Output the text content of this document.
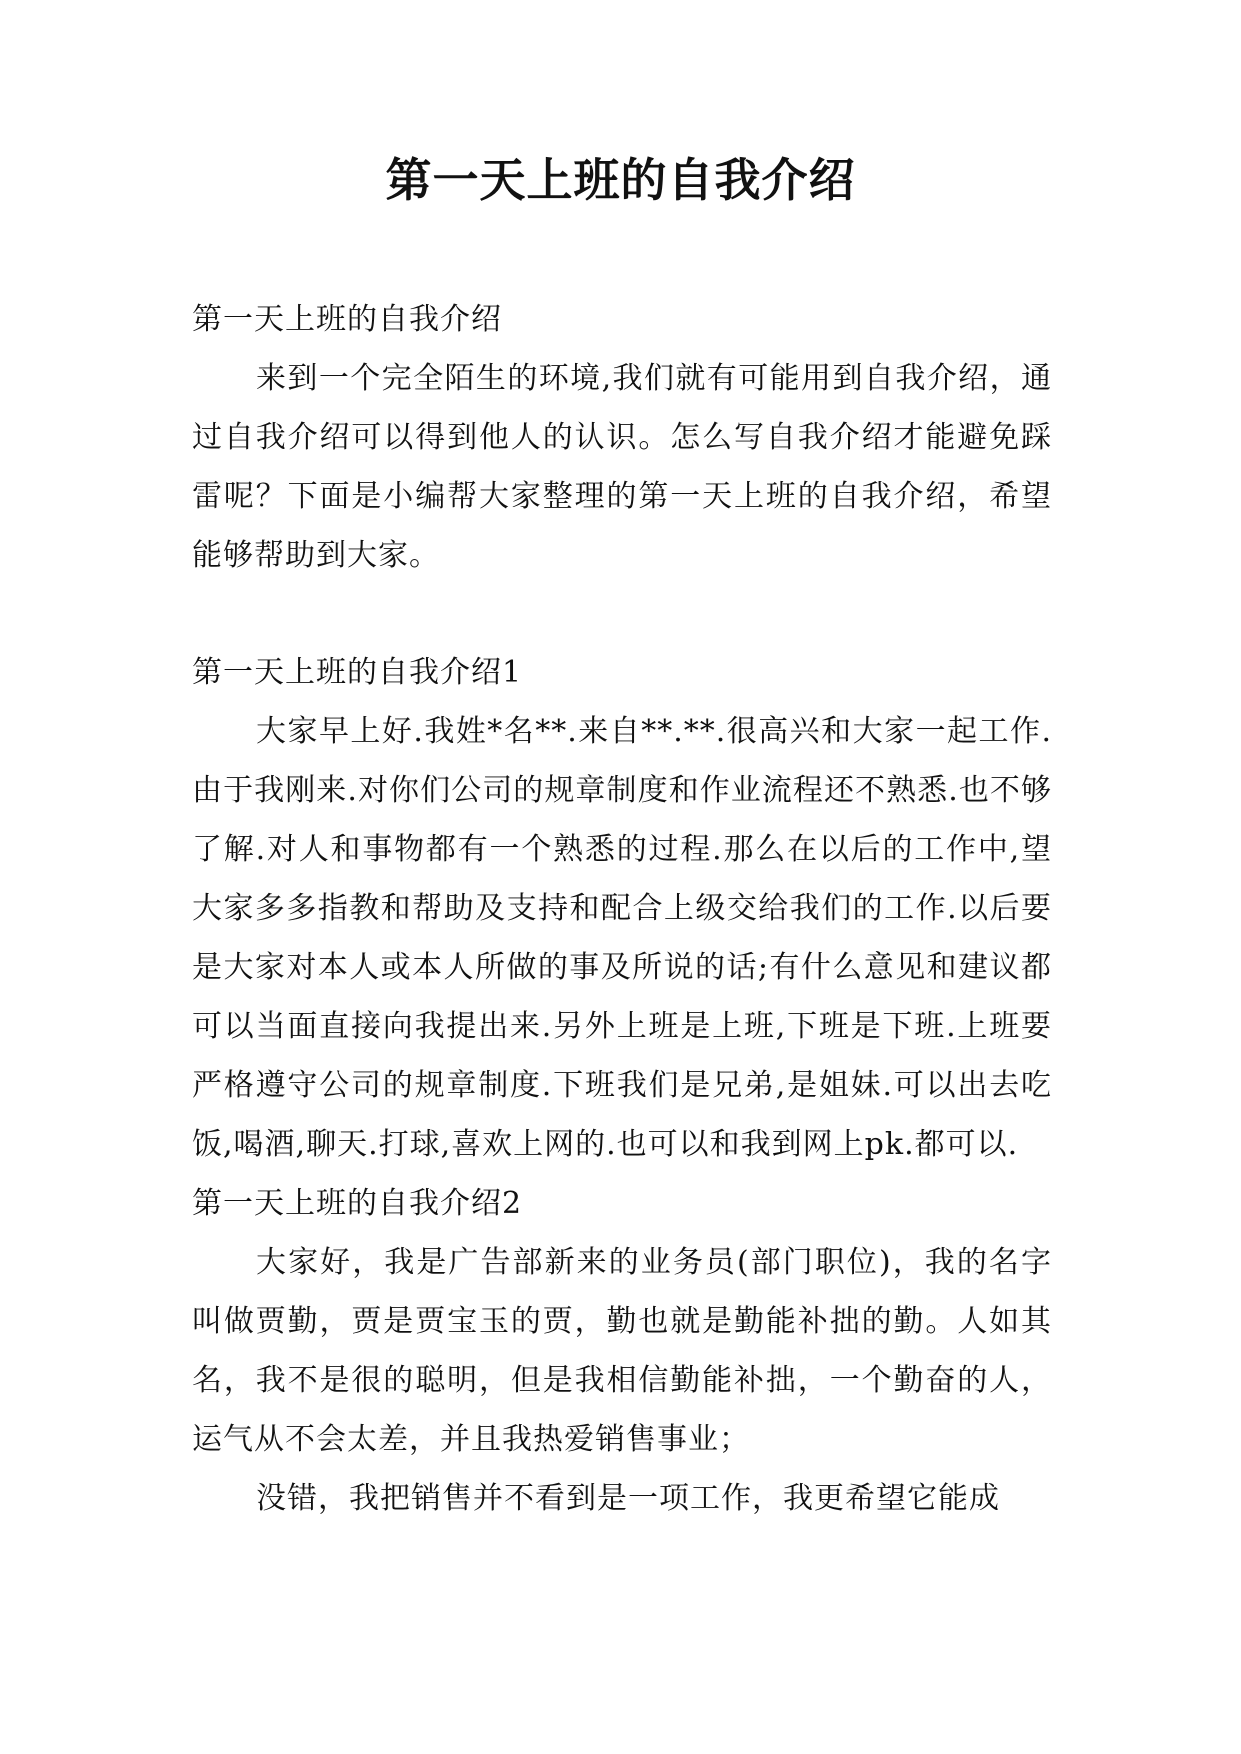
第一天上班的自我介绍

第一天上班的自我介绍

来到一个完全陌生的环境,我们就有可能用到自我介绍，通过自我介绍可以得到他人的认识。怎么写自我介绍才能避免踩雷呢？下面是小编帮大家整理的第一天上班的自我介绍，希望能够帮助到大家。

第一天上班的自我介绍1

大家早上好.我姓*名**.来自**.**.很高兴和大家一起工作.由于我刚来.对你们公司的规章制度和作业流程还不熟悉.也不够了解.对人和事物都有一个熟悉的过程.那么在以后的工作中,望大家多多指教和帮助及支持和配合上级交给我们的工作.以后要是大家对本人或本人所做的事及所说的话;有什么意见和建议都可以当面直接向我提出来.另外上班是上班,下班是下班.上班要严格遵守公司的规章制度.下班我们是兄弟,是姐妹.可以出去吃饭,喝酒,聊天.打球,喜欢上网的.也可以和我到网上pk.都可以.

第一天上班的自我介绍2

大家好，我是广告部新来的业务员(部门职位)，我的名字叫做贾勤，贾是贾宝玉的贾，勤也就是勤能补拙的勤。人如其名，我不是很的聪明，但是我相信勤能补拙，一个勤奋的人，运气从不会太差，并且我热爱销售事业；

没错，我把销售并不看到是一项工作，我更希望它能成
